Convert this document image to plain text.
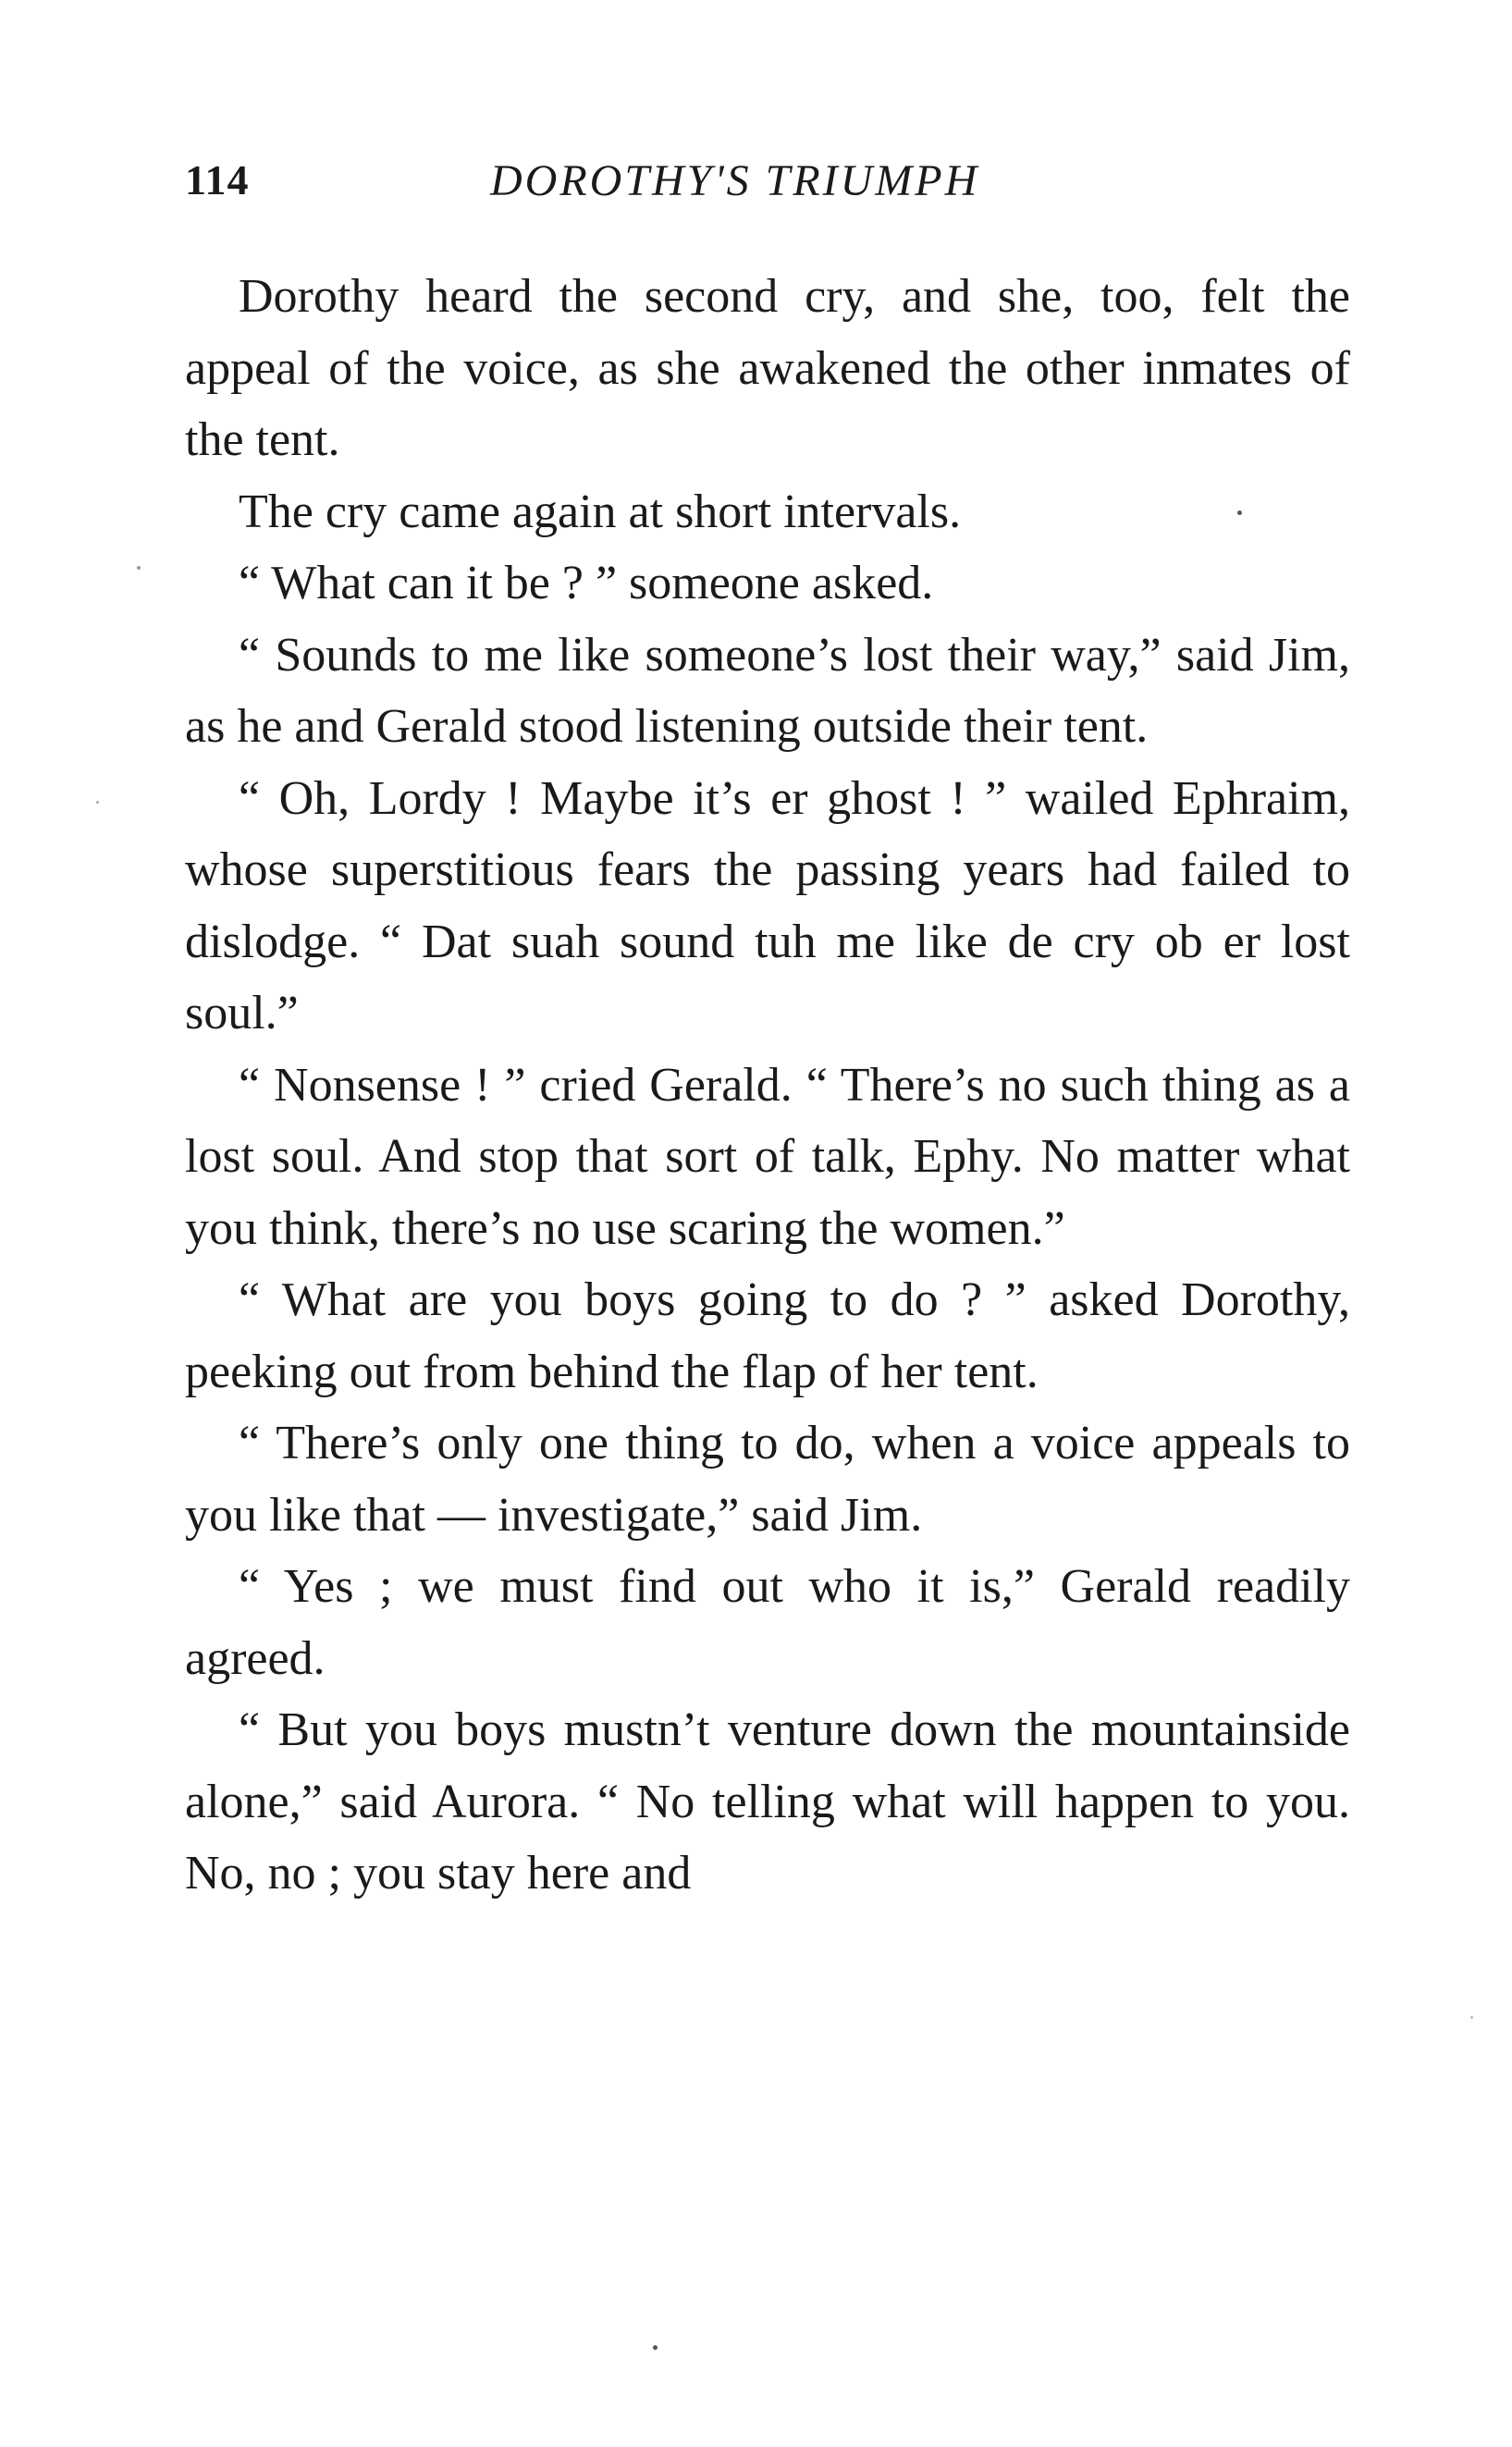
114	DOROTHY'S TRIUMPH

Dorothy heard the second cry, and she, too, felt the appeal of the voice, as she awakened the other inmates of the tent.

The cry came again at short intervals.

“ What can it be ? ” someone asked.

“ Sounds to me like someone’s lost their way,” said Jim, as he and Gerald stood listening outside their tent.

“ Oh, Lordy ! Maybe it’s er ghost ! ” wailed Ephraim, whose superstitious fears the passing years had failed to dislodge. “ Dat suah sound tuh me like de cry ob er lost soul.”

“ Nonsense ! ” cried Gerald. “ There’s no such thing as a lost soul. And stop that sort of talk, Ephy. No matter what you think, there’s no use scaring the women.”

“ What are you boys going to do ? ” asked Dorothy, peeking out from behind the flap of her tent.

“ There’s only one thing to do, when a voice appeals to you like that — investigate,” said Jim.

“ Yes ; we must find out who it is,” Gerald readily agreed.

“ But you boys mustn’t venture down the mountainside alone,” said Aurora. “ No telling what will happen to you. No, no ; you stay here and
